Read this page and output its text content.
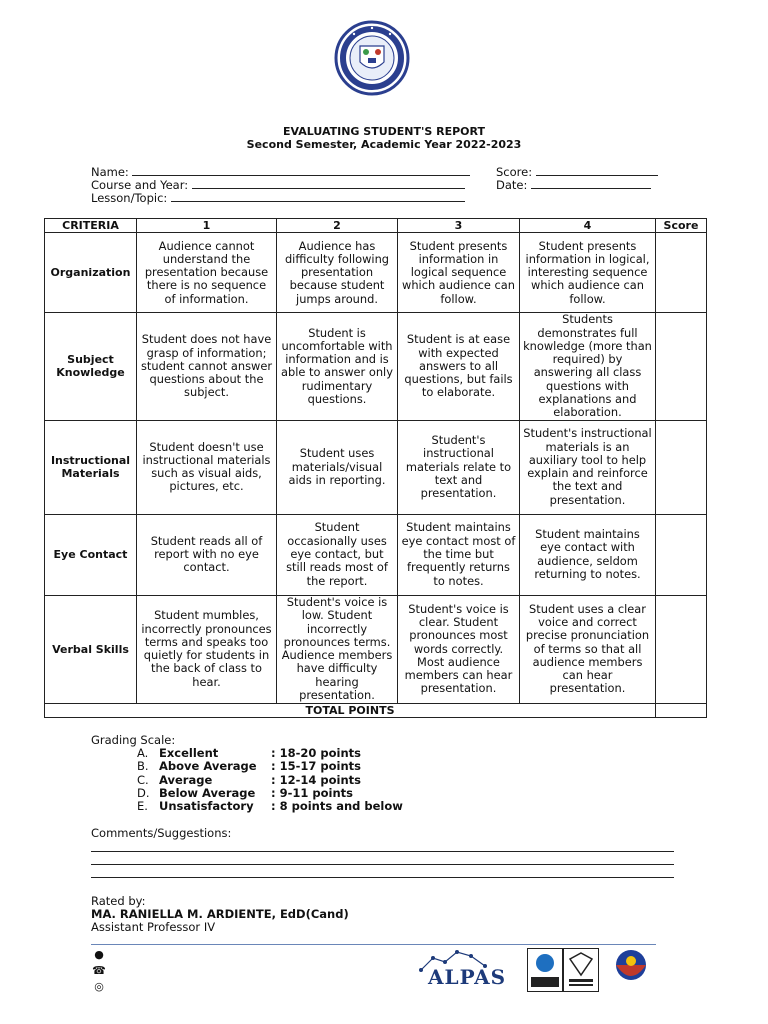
EVALUATING STUDENT'S REPORT
Second Semester, Academic Year 2022-2023
Name:	Score:
Course and Year:	Date:
Lesson/Topic:
CRITERIA	1	2	3	4	Score
Organization	Audience cannot understand the presentation because there is no sequence of information.	Audience has difficulty following presentation because student jumps around.	Student presents information in logical sequence which audience can follow.	Student presents information in logical, interesting sequence which audience can follow.	
Subject Knowledge	Student does not have grasp of information; student cannot answer questions about the subject.	Student is uncomfortable with information and is able to answer only rudimentary questions.	Student is at ease with expected answers to all questions, but fails to elaborate.	Students demonstrates full knowledge (more than required) by answering all class questions with explanations and elaboration.	
Instructional Materials	Student doesn't use instructional materials such as visual aids, pictures, etc.	Student uses materials/visual aids in reporting.	Student's instructional materials relate to text and presentation.	Student's instructional materials is an auxiliary tool to help explain and reinforce the text and presentation.	
Eye Contact	Student reads all of report with no eye contact.	Student occasionally uses eye contact, but still reads most of the report.	Student maintains eye contact most of the time but frequently returns to notes.	Student maintains eye contact with audience, seldom returning to notes.	
Verbal Skills	Student mumbles, incorrectly pronounces terms and speaks too quietly for students in the back of class to hear.	Student's voice is low. Student incorrectly pronounces terms. Audience members have difficulty hearing presentation.	Student's voice is clear. Student pronounces most words correctly. Most audience members can hear presentation.	Student uses a clear voice and correct precise pronunciation of terms so that all audience members can hear presentation.	
TOTAL POINTS					
Grading Scale:
A. Excellent	: 18-20 points
B. Above Average : 15-17 points
C. Average	: 12-14 points
D. Below Average : 9-11 points
E. Unsatisfactory : 8 points and below
Comments/Suggestions:
Rated by:
MA. RANIELLA M. ARDIENTE, EdD(Cand)
Assistant Professor IV
●
☎
◎	ALPAS
